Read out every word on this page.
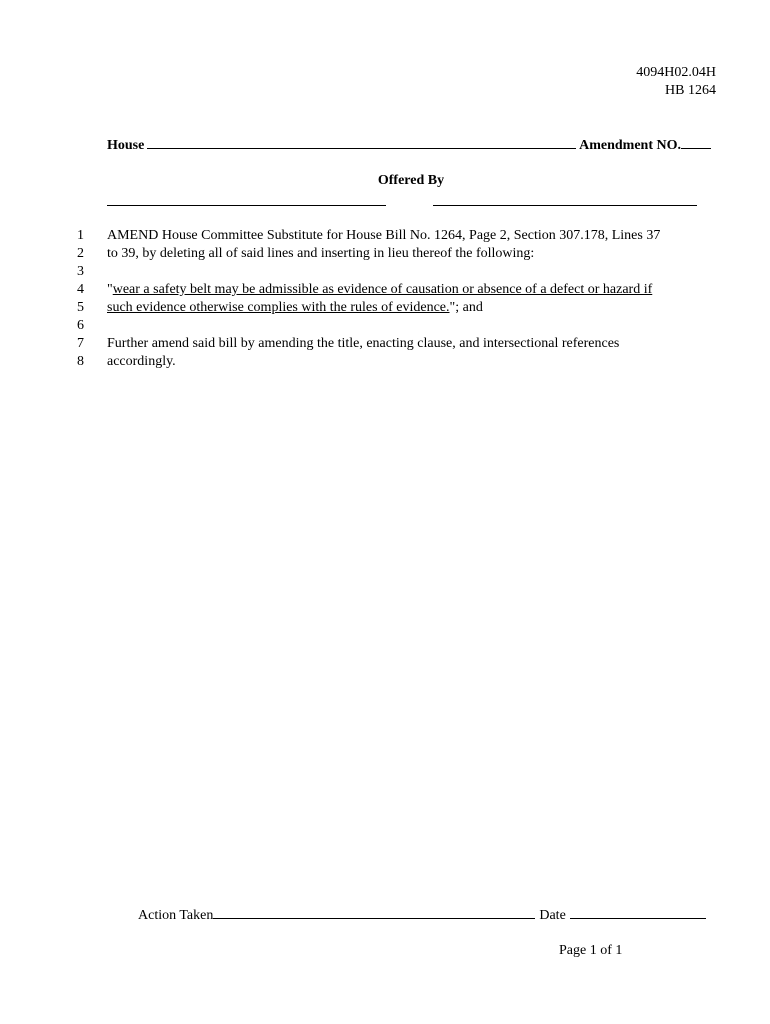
4094H02.04H
HB 1264
House	Amendment NO.
Offered By
1 AMEND House Committee Substitute for House Bill No. 1264, Page 2, Section 307.178, Lines 37
2 to 39, by deleting all of said lines and inserting in lieu thereof the following:
3
4 "wear a safety belt may be admissible as evidence of causation or absence of a defect or hazard if
5 such evidence otherwise complies with the rules of evidence."; and
6
7 Further amend said bill by amending the title, enacting clause, and intersectional references
8 accordingly.
Action Taken	Date
Page 1 of 1
